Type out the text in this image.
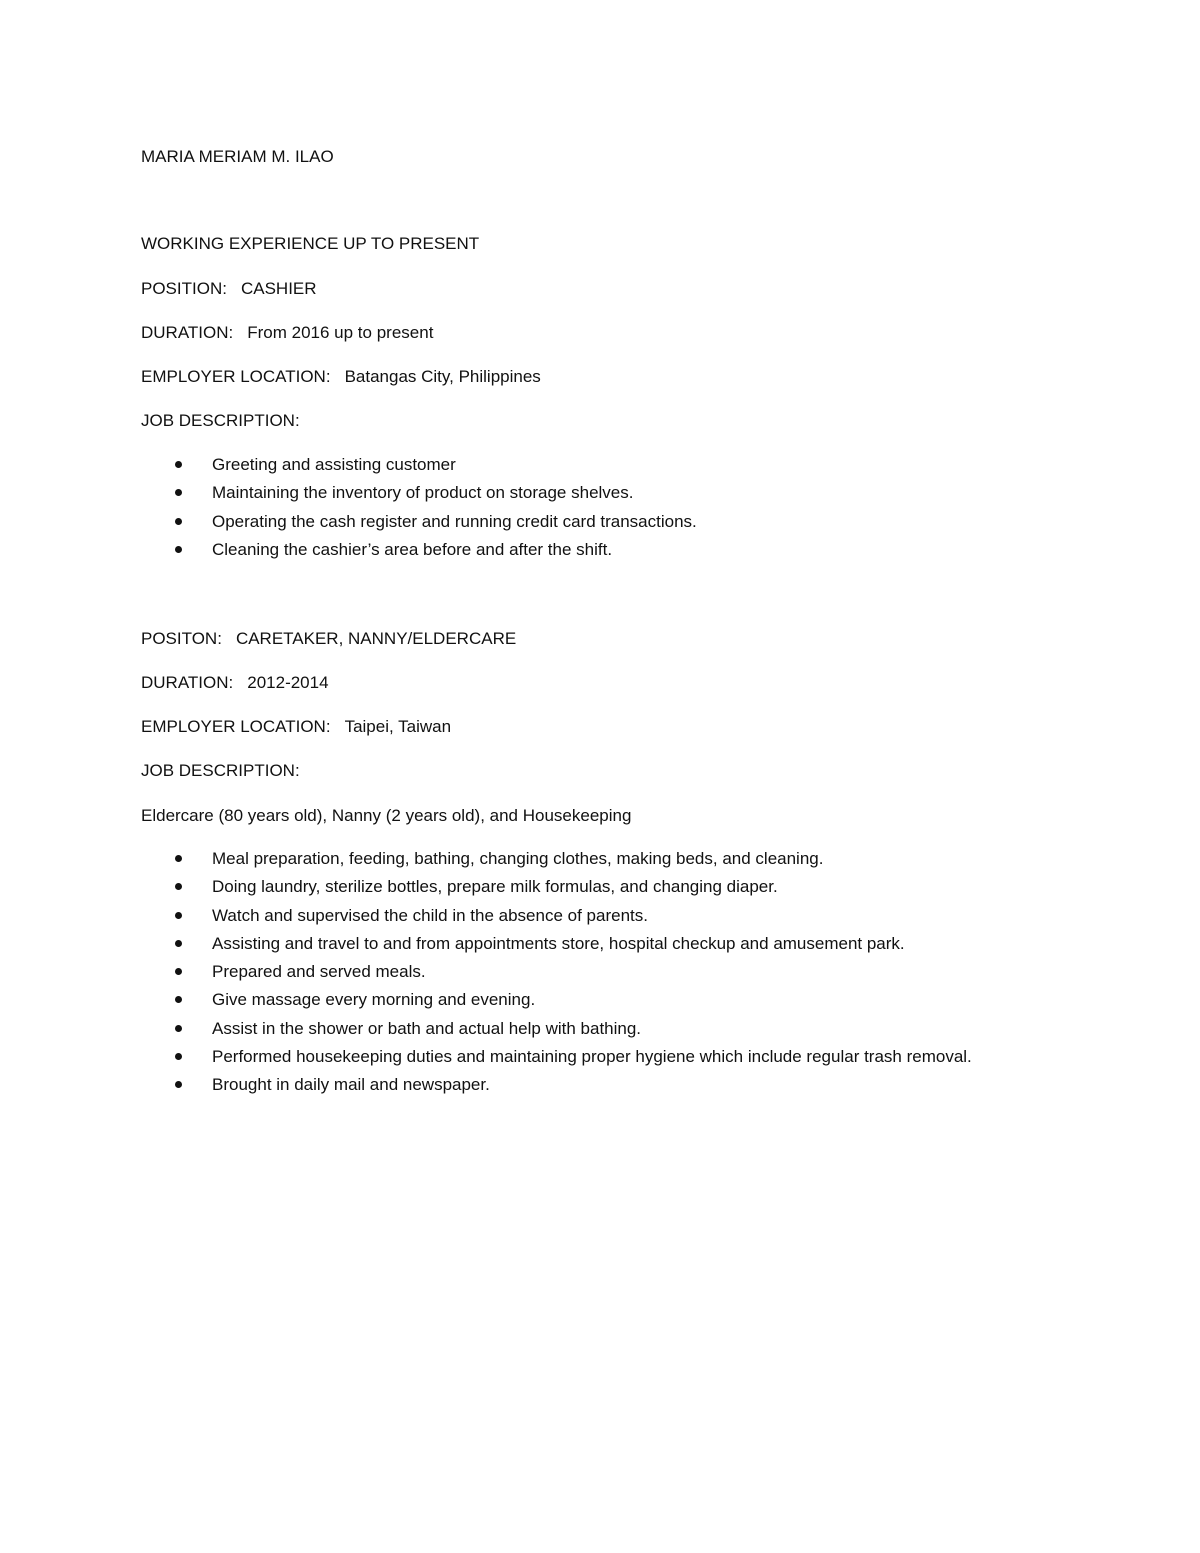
MARIA MERIAM M. ILAO
WORKING EXPERIENCE UP TO PRESENT
POSITION: CASHIER
DURATION: From 2016 up to present
EMPLOYER LOCATION: Batangas City, Philippines
JOB DESCRIPTION:
Greeting and assisting customer
Maintaining the inventory of product on storage shelves.
Operating the cash register and running credit card transactions.
Cleaning the cashier’s area before and after the shift.
POSITON: CARETAKER, NANNY/ELDERCARE
DURATION: 2012-2014
EMPLOYER LOCATION: Taipei, Taiwan
JOB DESCRIPTION:
Eldercare (80 years old), Nanny (2 years old), and Housekeeping
Meal preparation, feeding, bathing, changing clothes, making beds, and cleaning.
Doing laundry, sterilize bottles, prepare milk formulas, and changing diaper.
Watch and supervised the child in the absence of parents.
Assisting and travel to and from appointments store, hospital checkup and amusement park.
Prepared and served meals.
Give massage every morning and evening.
Assist in the shower or bath and actual help with bathing.
Performed housekeeping duties and maintaining proper hygiene which include regular trash removal.
Brought in daily mail and newspaper.
